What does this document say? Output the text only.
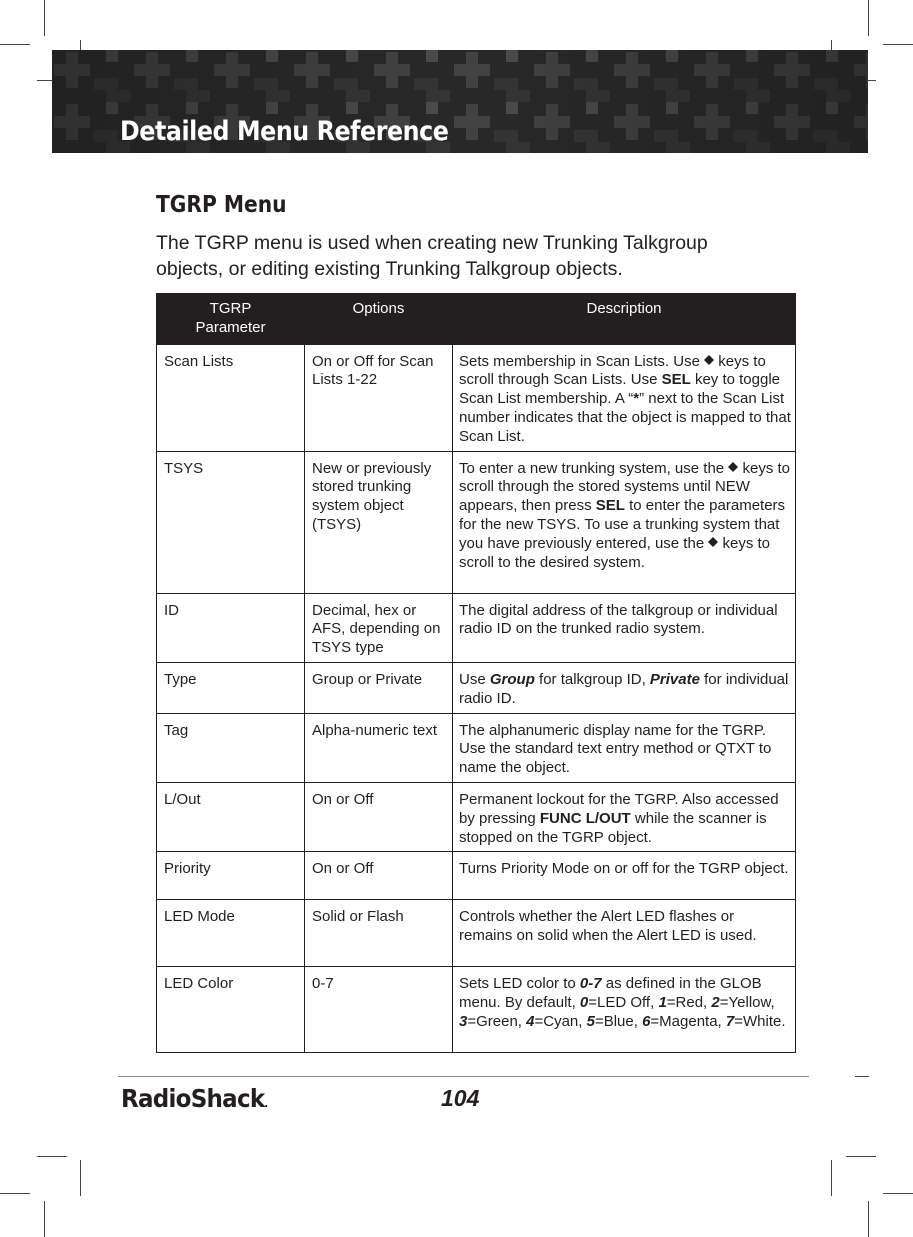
Detailed Menu Reference
TGRP Menu
The TGRP menu is used when creating new Trunking Talkgroup objects, or editing existing Trunking Talkgroup objects.
TGRP
Parameter	Options	Description
Scan Lists	On or Off for Scan Lists 1-22	Sets membership in Scan Lists. Use keys to scroll through Scan Lists. Use SEL key to toggle Scan List membership. A “*” next to the Scan List number indicates that the object is mapped to that Scan List.
TSYS	New or previously stored trunking system object (TSYS)	To enter a new trunking system, use the keys to scroll through the stored systems until NEW appears, then press SEL to enter the parameters for the new TSYS. To use a trunking system that you have previously entered, use the keys to scroll to the desired system.
ID	Decimal, hex or AFS, depending on TSYS type	The digital address of the talkgroup or individual radio ID on the trunked radio system.
Type	Group or Private	Use Group for talkgroup ID, Private for individual radio ID.
Tag	Alpha-numeric text	The alphanumeric display name for the TGRP. Use the standard text entry method or QTXT to name the object.
L/Out	On or Off	Permanent lockout for the TGRP. Also accessed by pressing FUNC L/OUT while the scanner is stopped on the TGRP object.
Priority	On or Off	Turns Priority Mode on or off for the TGRP object.
LED Mode	Solid or Flash	Controls whether the Alert LED flashes or remains on solid when the Alert LED is used.
LED Color	0-7	Sets LED color to 0-7 as defined in the GLOB menu. By default, 0=LED Off, 1=Red, 2=Yellow, 3=Green, 4=Cyan, 5=Blue, 6=Magenta, 7=White.
RadioShack.	104
